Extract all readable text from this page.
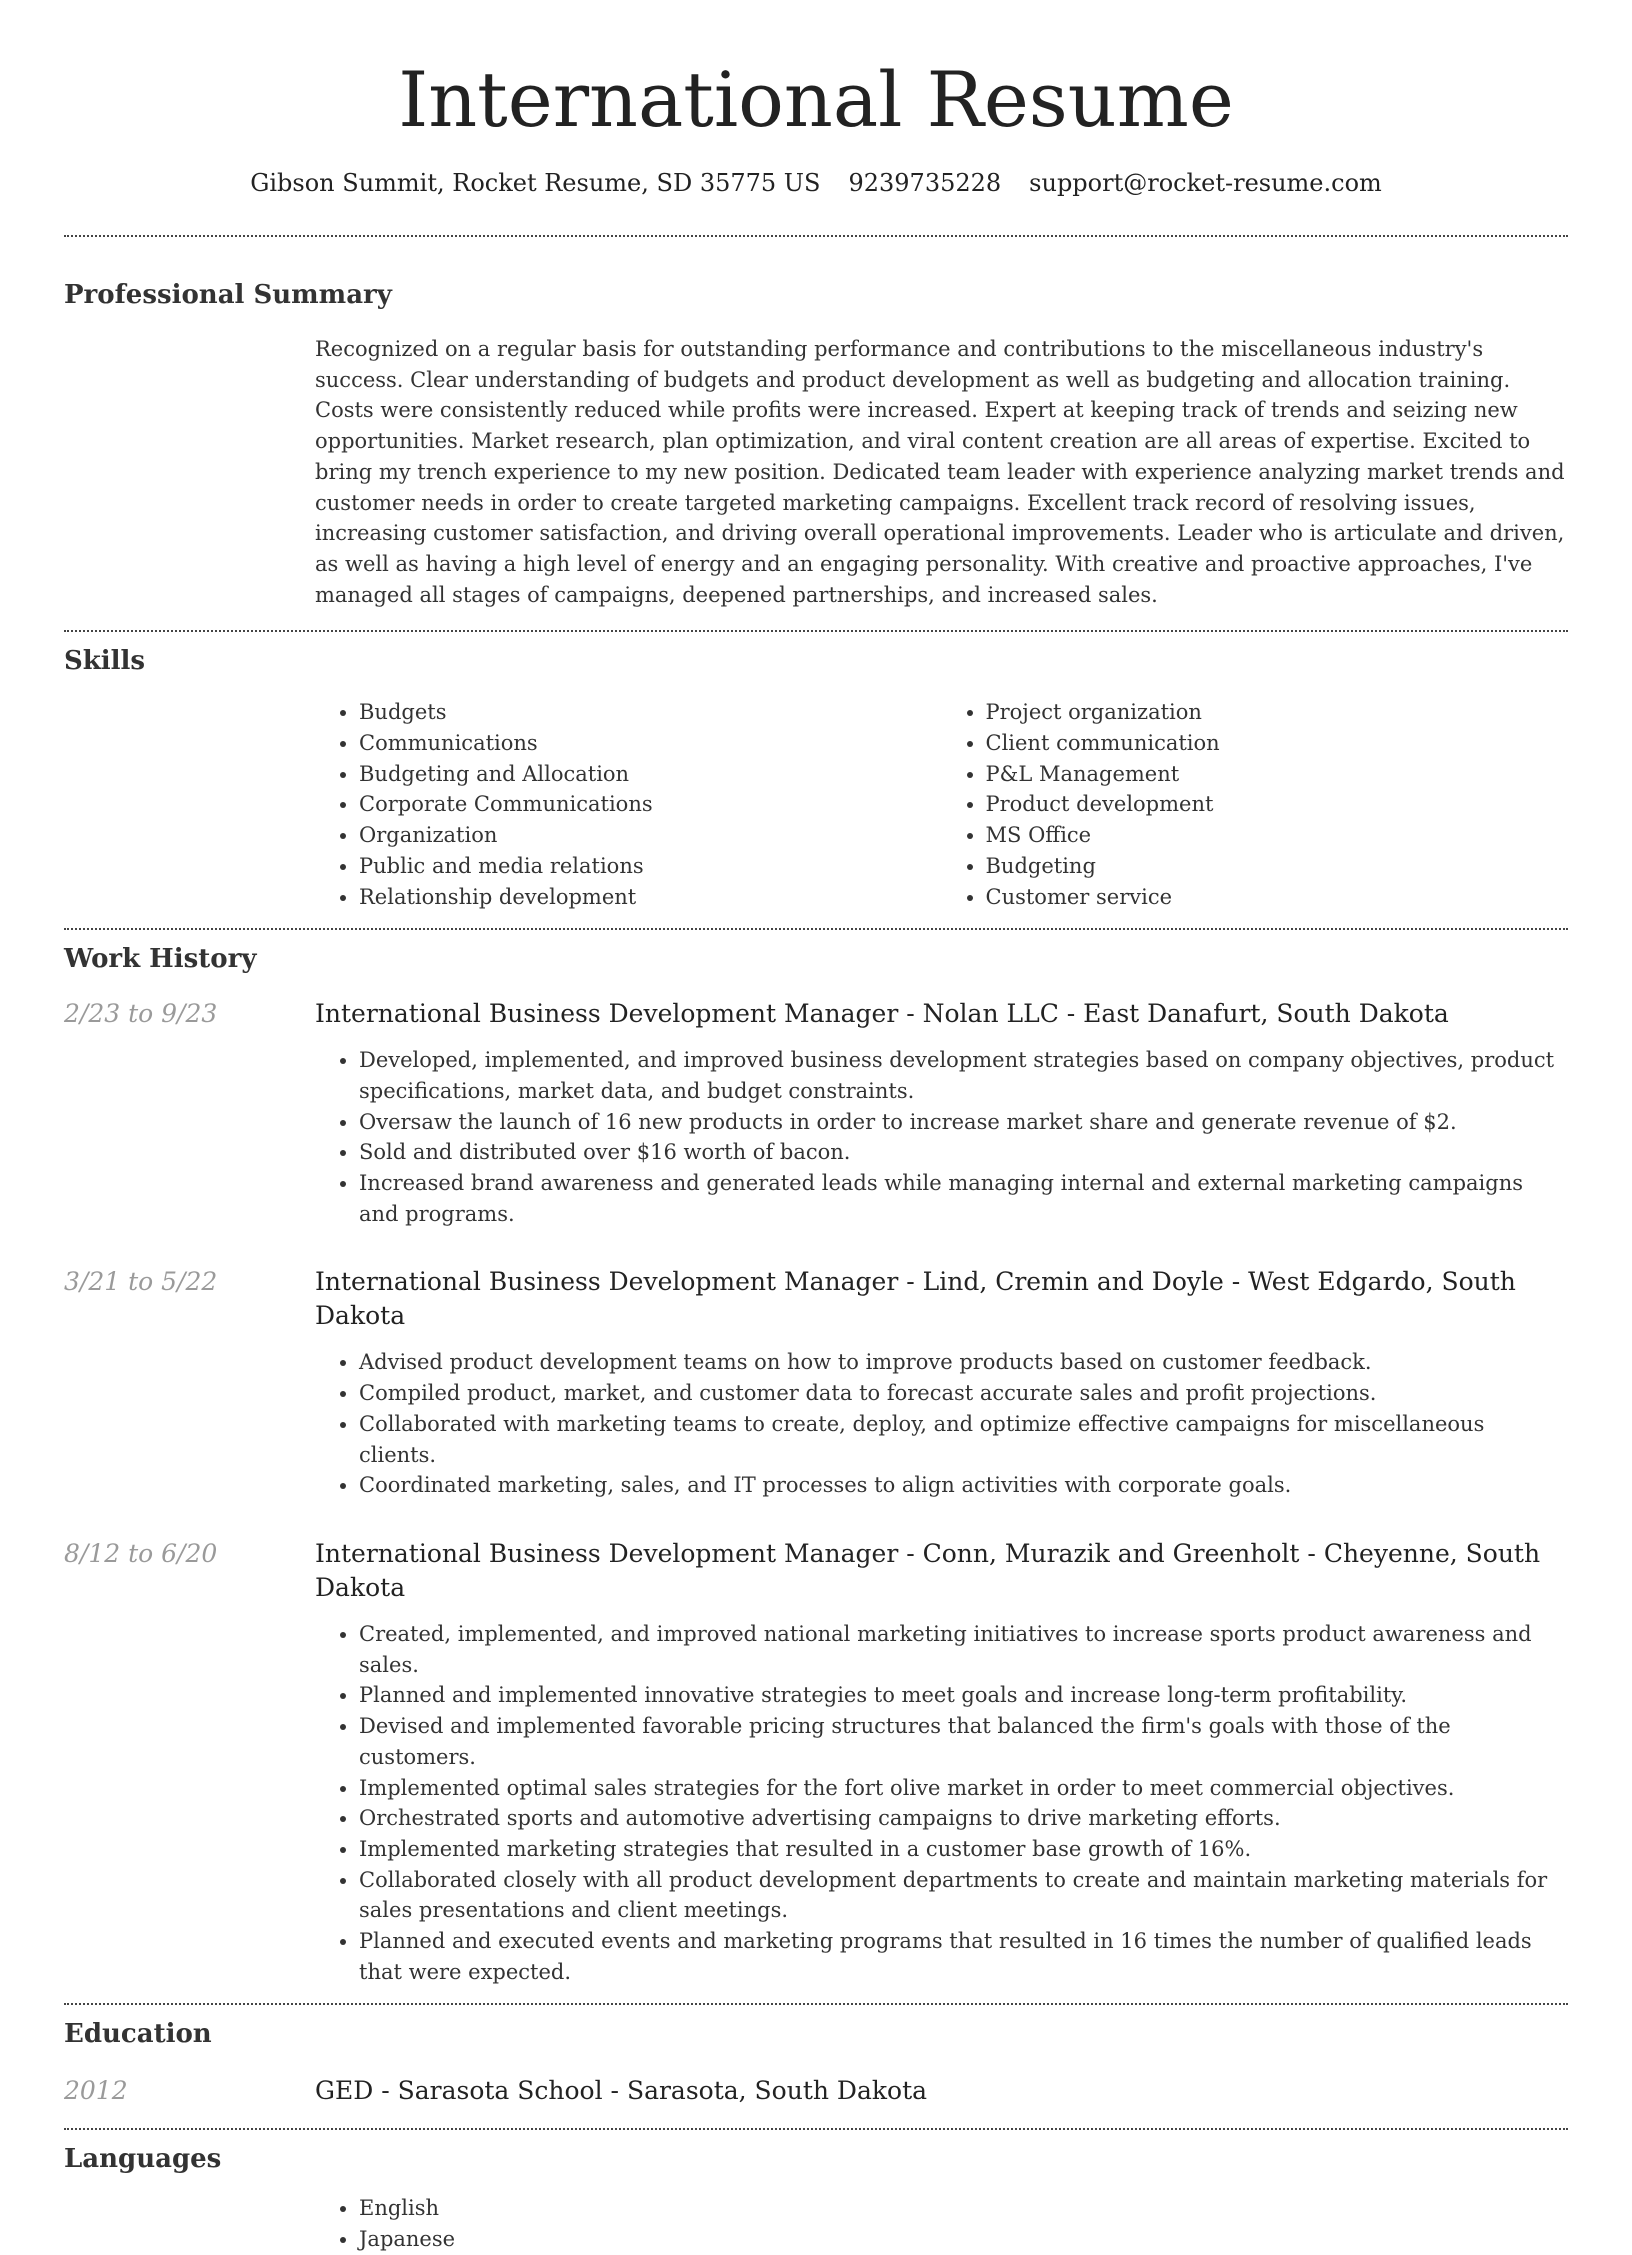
International Resume
Gibson Summit, Rocket Resume, SD 35775 US 9239735228 support@rocket-resume.com
Professional Summary
Recognized on a regular basis for outstanding performance and contributions to the miscellaneous industry's success. Clear understanding of budgets and product development as well as budgeting and allocation training. Costs were consistently reduced while profits were increased. Expert at keeping track of trends and seizing new opportunities. Market research, plan optimization, and viral content creation are all areas of expertise. Excited to bring my trench experience to my new position. Dedicated team leader with experience analyzing market trends and customer needs in order to create targeted marketing campaigns. Excellent track record of resolving issues, increasing customer satisfaction, and driving overall operational improvements. Leader who is articulate and driven, as well as having a high level of energy and an engaging personality. With creative and proactive approaches, I've managed all stages of campaigns, deepened partnerships, and increased sales.
Skills
• Budgets
• Communications
• Budgeting and Allocation
• Corporate Communications
• Organization
• Public and media relations
• Relationship development
• Project organization
• Client communication
• P&L Management
• Product development
• MS Office
• Budgeting
• Customer service
Work History
2/23 to 9/23	International Business Development Manager - Nolan LLC - East Danafurt, South Dakota
• Developed, implemented, and improved business development strategies based on company objectives, product specifications, market data, and budget constraints.
• Oversaw the launch of 16 new products in order to increase market share and generate revenue of $2.
• Sold and distributed over $16 worth of bacon.
• Increased brand awareness and generated leads while managing internal and external marketing campaigns and programs.
3/21 to 5/22	International Business Development Manager - Lind, Cremin and Doyle - West Edgardo, South Dakota
• Advised product development teams on how to improve products based on customer feedback.
• Compiled product, market, and customer data to forecast accurate sales and profit projections.
• Collaborated with marketing teams to create, deploy, and optimize effective campaigns for miscellaneous clients.
• Coordinated marketing, sales, and IT processes to align activities with corporate goals.
8/12 to 6/20	International Business Development Manager - Conn, Murazik and Greenholt - Cheyenne, South Dakota
• Created, implemented, and improved national marketing initiatives to increase sports product awareness and sales.
• Planned and implemented innovative strategies to meet goals and increase long-term profitability.
• Devised and implemented favorable pricing structures that balanced the firm's goals with those of the customers.
• Implemented optimal sales strategies for the fort olive market in order to meet commercial objectives.
• Orchestrated sports and automotive advertising campaigns to drive marketing efforts.
• Implemented marketing strategies that resulted in a customer base growth of 16%.
• Collaborated closely with all product development departments to create and maintain marketing materials for sales presentations and client meetings.
• Planned and executed events and marketing programs that resulted in 16 times the number of qualified leads that were expected.
Education
2012	GED - Sarasota School - Sarasota, South Dakota
Languages
• English
• Japanese
